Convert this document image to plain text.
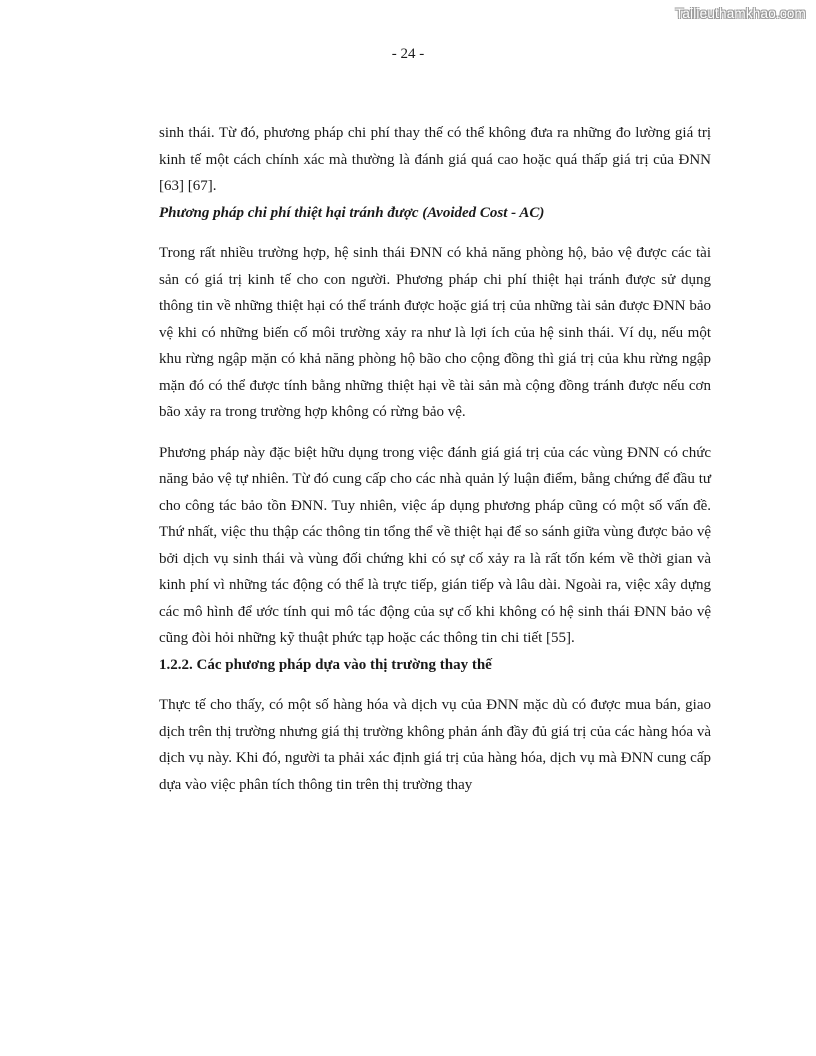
Tailieuthamkhao.com
- 24 -

sinh thái. Từ đó, phương pháp chi phí thay thế có thể không đưa ra những đo lường giá trị kinh tế một cách chính xác mà thường là đánh giá quá cao hoặc quá thấp giá trị của ĐNN [63] [67].

Phương pháp chi phí thiệt hại tránh được (Avoided Cost - AC)

Trong rất nhiều trường hợp, hệ sinh thái ĐNN có khả năng phòng hộ, bảo vệ được các tài sản có giá trị kinh tế cho con người. Phương pháp chi phí thiệt hại tránh được sử dụng thông tin về những thiệt hại có thể tránh được hoặc giá trị của những tài sản được ĐNN bảo vệ khi có những biến cố môi trường xảy ra như là lợi ích của hệ sinh thái. Ví dụ, nếu một khu rừng ngập mặn có khả năng phòng hộ bão cho cộng đồng thì giá trị của khu rừng ngập mặn đó có thể được tính bằng những thiệt hại về tài sản mà cộng đồng tránh được nếu cơn bão xảy ra trong trường hợp không có rừng bảo vệ.

Phương pháp này đặc biệt hữu dụng trong việc đánh giá giá trị của các vùng ĐNN có chức năng bảo vệ tự nhiên. Từ đó cung cấp cho các nhà quản lý luận điểm, bằng chứng để đầu tư cho công tác bảo tồn ĐNN. Tuy nhiên, việc áp dụng phương pháp cũng có một số vấn đề. Thứ nhất, việc thu thập các thông tin tổng thể về thiệt hại để so sánh giữa vùng được bảo vệ bởi dịch vụ sinh thái và vùng đối chứng khi có sự cố xảy ra là rất tốn kém về thời gian và kinh phí vì những tác động có thể là trực tiếp, gián tiếp và lâu dài. Ngoài ra, việc xây dựng các mô hình để ước tính qui mô tác động của sự cố khi không có hệ sinh thái ĐNN bảo vệ cũng đòi hỏi những kỹ thuật phức tạp hoặc các thông tin chi tiết [55].

1.2.2. Các phương pháp dựa vào thị trường thay thế

Thực tế cho thấy, có một số hàng hóa và dịch vụ của ĐNN mặc dù có được mua bán, giao dịch trên thị trường nhưng giá thị trường không phản ánh đầy đủ giá trị của các hàng hóa và dịch vụ này. Khi đó, người ta phải xác định giá trị của hàng hóa, dịch vụ mà ĐNN cung cấp dựa vào việc phân tích thông tin trên thị trường thay
